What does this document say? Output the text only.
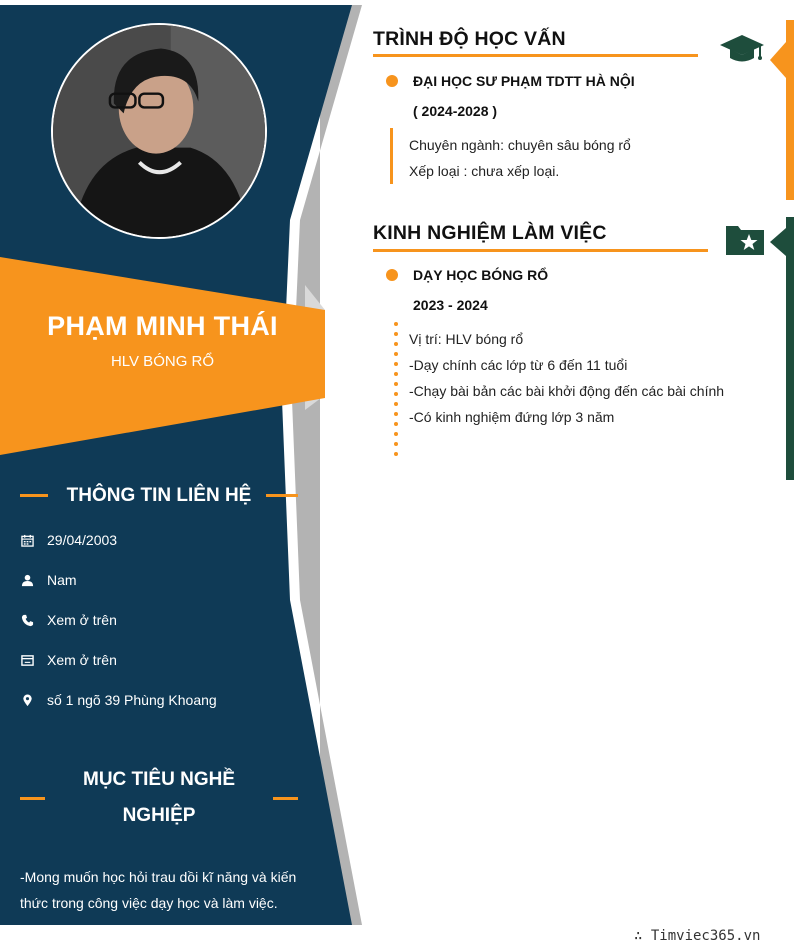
PHẠM MINH THÁI
HLV BÓNG RỔ
THÔNG TIN LIÊN HỆ
29/04/2003
Nam
Xem ở trên
Xem ở trên
số 1 ngõ 39 Phùng Khoang
MỤC TIÊU NGHỀ
NGHIỆP
-Mong muốn học hỏi trau dồi kĩ năng và kiến thức trong công việc dạy học và làm việc.
TRÌNH ĐỘ HỌC VẤN
ĐẠI HỌC SƯ PHẠM TDTT HÀ NỘI
( 2024-2028 )
Chuyên ngành: chuyên sâu bóng rổ
Xếp loại : chưa xếp loại.
KINH NGHIỆM LÀM VIỆC
DẠY HỌC BÓNG RỔ
2023 - 2024
Vị trí: HLV bóng rổ
-Dạy chính các lớp từ 6 đến 11 tuổi
-Chạy bài bản các bài khởi động đến các bài chính
-Có kinh nghiệm đứng lớp 3 năm
∴ Timviec365.vn
